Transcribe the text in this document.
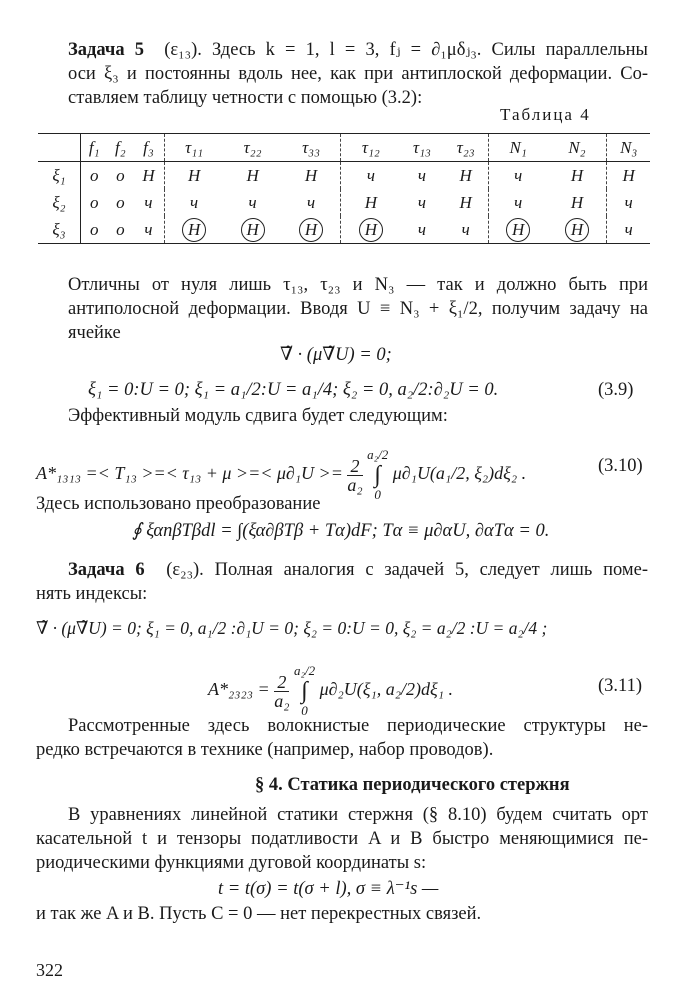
Задача 5 (ε₁₃). Здесь k = 1, l = 3, fⱼ = ∂₁μδⱼ₃. Силы параллельны
оси ξ₃ и постоянны вдоль нее, как при антиплоской деформации. Со-
ставляем таблицу четности с помощью (3.2):
Таблица 4
	f₁	f₂	f₃	τ₁₁	τ₂₂	τ₃₃	τ₁₂	τ₁₃	τ₂₃	N₁	N₂	N₃
ξ₁	o	o	H	H	H	H	ч	ч	H	ч	H	H
ξ₂	o	o	ч	ч	ч	ч	H	ч	H	ч	H	ч
ξ₃	o	o	ч	H	H	H	H	ч	ч	H	H	ч
Отличны от нуля лишь τ₁₃, τ₂₃ и N₃ — так и должно быть при
антиполосной деформации. Вводя U ≡ N₃ + ξ₁/2, получим задачу на
ячейке
∇̃ · (μ∇̃U) = 0;
ξ₁ = 0:U = 0; ξ₁ = a₁/2:U = a₁/4; ξ₂ = 0, a₂/2:∂₂U = 0.	(3.9)
Эффективный модуль сдвига будет следующим:
A*₁₃₁₃ =< T₁₃ >=< τ₁₃ + μ >=< $\mu\partial_1U >= \frac{2}{\text{a₂}}$

a₂/2
∫
0
μ∂₁U(a₁/2, ξ₂)dξ₂ .	(3.10)
Здесь использовано преобразование
∮ ξαnβTβdl = ∫(ξα∂βTβ + Tα)dF; Tα ≡ μ∂αU, ∂αTα = 0.
Задача 6 (ε₂₃). Полная аналогия с задачей 5, следует лишь поме-
нять индексы:
∇̃ · (μ∇̃U) = 0; ξ₁ = 0, a₁/2 :∂₁U = 0; ξ₂ = 0:U = 0, ξ₂ = a₂/2 :U = a₂/4 ;
$A*_{2323} = \frac{2}{\text{a₂}}$

a₂/2
∫
0
μ∂₂U(ξ₁, a₂/2)dξ₁ .	(3.11)
Рассмотренные здесь волокнистые периодические структуры не-
редко встречаются в технике (например, набор проводов).
§ 4. Статика периодического стержня
В уравнениях линейной статики стержня (§ 8.10) будем считать орт
касательной t и тензоры податливости A и B быстро меняющимися пе-
риодическими функциями дуговой координаты s:
t = t(σ) = t(σ + l), σ ≡ λ⁻¹s —
и так же A и B. Пусть C = 0 — нет перекрестных связей.
322
